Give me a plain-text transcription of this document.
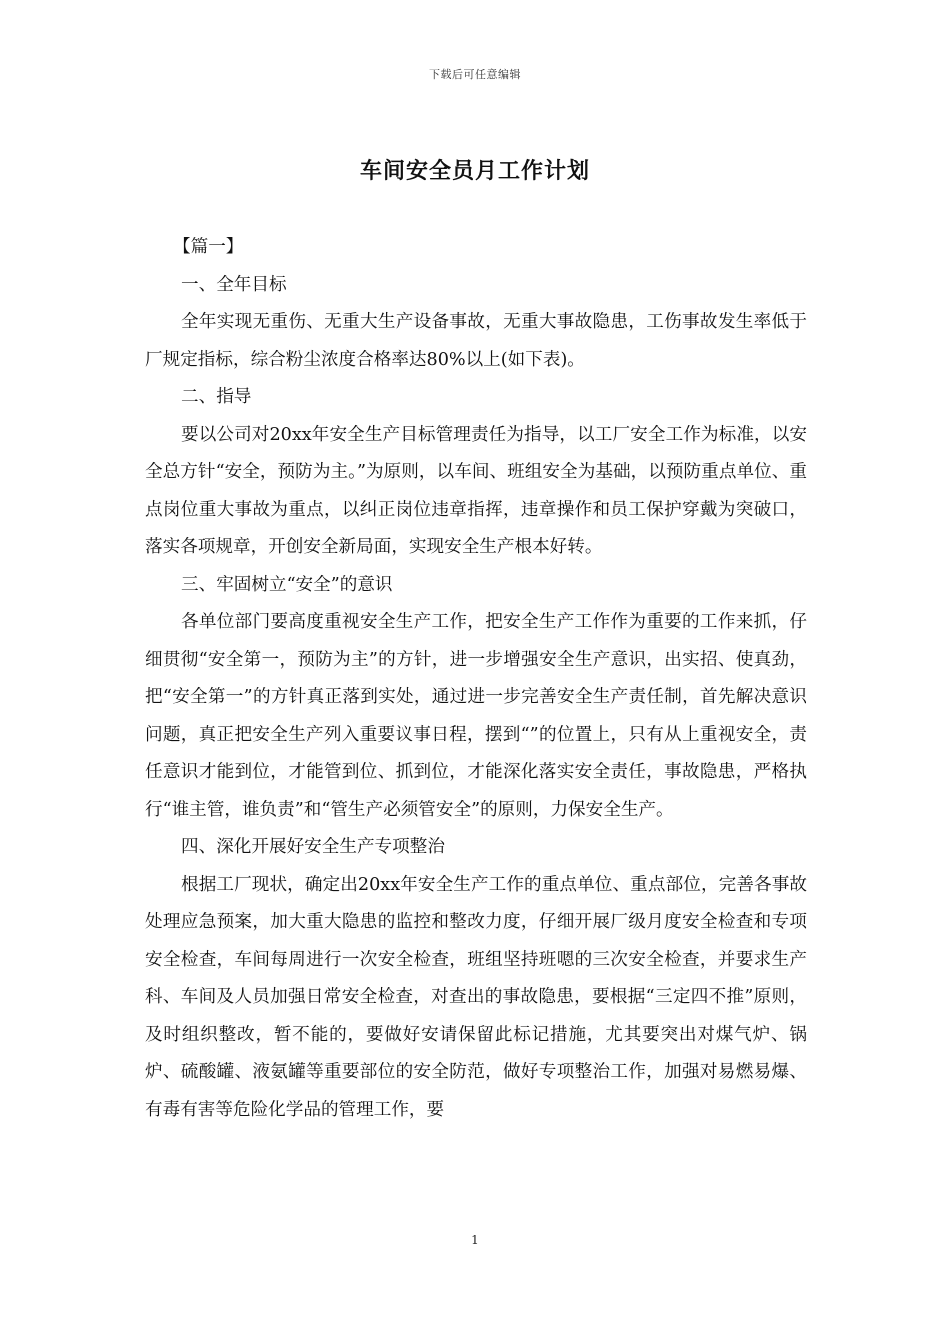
下载后可任意编辑
车间安全员月工作计划

【篇一】

一、全年目标

全年实现无重伤、无重大生产设备事故，无重大事故隐患，工伤事故发生率低于厂规定指标，综合粉尘浓度合格率达80%以上(如下表)。

二、指导

要以公司对20xx年安全生产目标管理责任为指导，以工厂安全工作为标准，以安全总方针“安全，预防为主。”为原则，以车间、班组安全为基础，以预防重点单位、重点岗位重大事故为重点，以纠正岗位违章指挥，违章操作和员工保护穿戴为突破口，落实各项规章，开创安全新局面，实现安全生产根本好转。

三、牢固树立“安全”的意识

各单位部门要高度重视安全生产工作，把安全生产工作作为重要的工作来抓，仔细贯彻“安全第一，预防为主”的方针，进一步增强安全生产意识，出实招、使真劲，把“安全第一”的方针真正落到实处，通过进一步完善安全生产责任制，首先解决意识问题，真正把安全生产列入重要议事日程，摆到“”的位置上，只有从上重视安全，责任意识才能到位，才能管到位、抓到位，才能深化落实安全责任，事故隐患，严格执行“谁主管，谁负责”和“管生产必须管安全”的原则，力保安全生产。

四、深化开展好安全生产专项整治

根据工厂现状，确定出20xx年安全生产工作的重点单位、重点部位，完善各事故处理应急预案，加大重大隐患的监控和整改力度，仔细开展厂级月度安全检查和专项安全检查，车间每周进行一次安全检查，班组坚持班嗯的三次安全检查，并要求生产科、车间及人员加强日常安全检查，对查出的事故隐患，要根据“三定四不推”原则，及时组织整改，暂不能的，要做好安请保留此标记措施，尤其要突出对煤气炉、锅炉、硫酸罐、液氨罐等重要部位的安全防范，做好专项整治工作，加强对易燃易爆、有毒有害等危险化学品的管理工作，要

1
